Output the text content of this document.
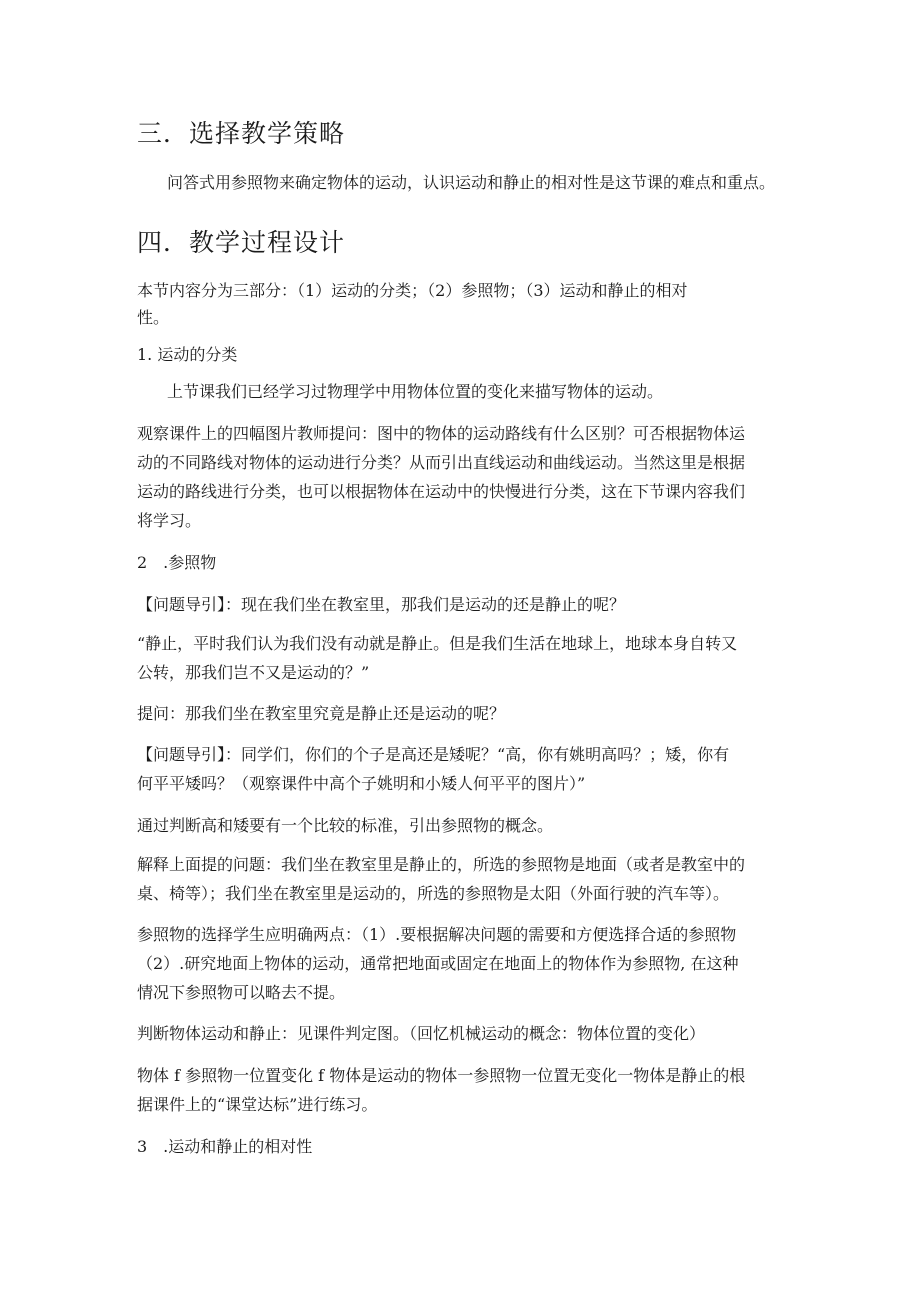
三．选择教学策略

问答式用参照物来确定物体的运动，认识运动和静止的相对性是这节课的难点和重点。

四．教学过程设计

本节内容分为三部分：（1）运动的分类；（2）参照物；（3）运动和静止的相对

性。

1. 运动的分类

上节课我们已经学习过物理学中用物体位置的变化来描写物体的运动。

观察课件上的四幅图片教师提问：图中的物体的运动路线有什么区别？可否根据物体运

动的不同路线对物体的运动进行分类？从而引出直线运动和曲线运动。当然这里是根据

运动的路线进行分类，也可以根据物体在运动中的快慢进行分类，这在下节课内容我们

将学习。

2　.参照物

【问题导引】：现在我们坐在教室里，那我们是运动的还是静止的呢？

“静止，平时我们认为我们没有动就是静止。但是我们生活在地球上，地球本身自转又

公转，那我们岂不又是运动的？”

提问：那我们坐在教室里究竟是静止还是运动的呢？

【问题导引】：同学们，你们的个子是高还是矮呢？“高，你有姚明高吗？；矮，你有

何平平矮吗？（观察课件中高个子姚明和小矮人何平平的图片）”

通过判断高和矮要有一个比较的标准，引出参照物的概念。

解释上面提的问题：我们坐在教室里是静止的，所选的参照物是地面（或者是教室中的

桌、椅等）；我们坐在教室里是运动的，所选的参照物是太阳（外面行驶的汽车等）。

参照物的选择学生应明确两点：（1）.要根据解决问题的需要和方便选择合适的参照物

（2）.研究地面上物体的运动，通常把地面或固定在地面上的物体作为参照物, 在这种

情况下参照物可以略去不提。

判断物体运动和静止：见课件判定图。（回忆机械运动的概念：物体位置的变化）

物体 f 参照物一位置变化 f 物体是运动的物体一参照物一位置无变化一物体是静止的根

据课件上的“课堂达标”进行练习。

3　.运动和静止的相对性
